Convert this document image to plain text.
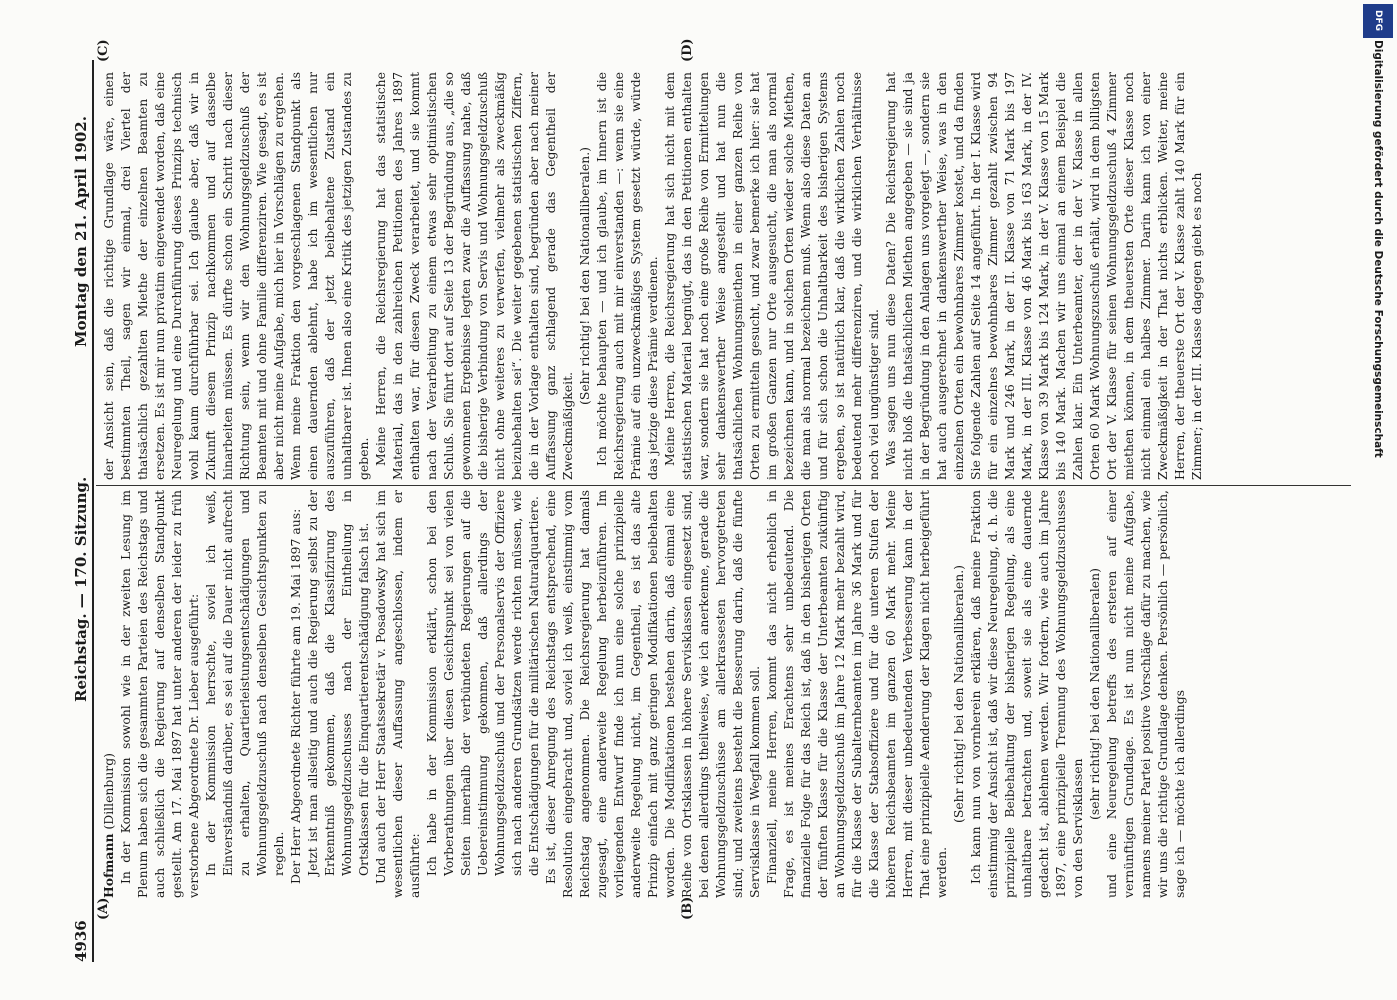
DFG
Digitalisierung gefördert durch die Deutsche Forschungsgemeinschaft
4936
Reichstag. — 170. Sitzung.
Montag den 21. April 1902.
(A)	(B)
(C)	(D)

Hofmann (Dillenburg) In der Kommission sowohl wie in der zweiten Lesung im Plenum haben sich die gesammten Parteien des Reichstags und auch schließlich die Regierung auf denselben Standpunkt gestellt. Am 17. Mai 1897 hat unter anderen der leider zu früh verstorbene Abgeordnete Dr. Lieber ausgeführt: In der Kommission herrschte, soviel ich weiß, Einverständniß darüber, es sei auf die Dauer nicht aufrecht zu erhalten, Quartierleistungsentschädigungen und Wohnungsgeldzuschuß nach denselben Gesichtspunkten zu regeln. Der Herr Abgeordnete Richter führte am 19. Mai 1897 aus: Jetzt ist man allseitig und auch die Regierung selbst zu der Erkenntniß gekommen, daß die Klassifizirung des Wohnungsgeldzuschusses nach der Eintheilung in Ortsklassen für die Einquartierentschädigung falsch ist. Und auch der Herr Staatssekretär v. Posadowsky hat sich im wesentlichen dieser Auffassung angeschlossen, indem er ausführte: Ich habe in der Kommission erklärt, schon bei den Vorberathungen über diesen Gesichtspunkt sei von vielen Seiten innerhalb der verbündeten Regierungen auf die Uebereinstimmung gekommen, daß allerdings der Wohnungsgeldzuschuß und der Personalservis der Offiziere sich nach anderen Grundsätzen werde richten müssen, wie die Entschädigungen für die militärischen Naturalquartiere. Es ist, dieser Anregung des Reichstags entsprechend, eine Resolution eingebracht und, soviel ich weiß, einstimmig vom Reichstag angenommen. Die Reichsregierung hat damals zugesagt, eine anderweite Regelung herbeizuführen. Im vorliegenden Entwurf finde ich nun eine solche prinzipielle anderweite Regelung nicht, im Gegentheil, es ist das alte Prinzip einfach mit ganz geringen Modifikationen beibehalten worden. Die Modifikationen bestehen darin, daß einmal eine Reihe von Ortsklassen in höhere Servisklassen eingesetzt sind, bei denen allerdings theilweise, wie ich anerkenne, gerade die Wohnungsgeldzuschüsse am allerkrassesten hervorgetreten sind; und zweitens besteht die Besserung darin, daß die fünfte Servisklasse in Wegfall kommen soll. Finanziell, meine Herren, kommt das nicht erheblich in Frage, es ist meines Erachtens sehr unbedeutend. Die finanzielle Folge für das Reich ist, daß in den bisherigen Orten der fünften Klasse für die Klasse der Unterbeamten zukünftig an Wohnungsgeldzuschuß im Jahre 12 Mark mehr bezahlt wird, für die Klasse der Subalternbeamten im Jahre 36 Mark und für die Klasse der Stabsoffiziere und für die unteren Stufen der höheren Reichsbeamten im ganzen 60 Mark mehr. Meine Herren, mit dieser unbedeutenden Verbesserung kann in der That eine prinzipielle Aenderung der Klagen nicht herbeigeführt werden.

(Sehr richtig! bei den Nationalliberalen.) Ich kann nun von vornherein erklären, daß meine Fraktion einstimmig der Ansicht ist, daß wir diese Neuregelung, d. h. die prinzipielle Beibehaltung der bisherigen Regelung, als eine unhaltbare betrachten und, soweit sie als eine dauernde gedacht ist, ablehnen werden. Wir fordern, wie auch im Jahre 1897, eine prinzipielle Trennung des Wohnungsgeldzuschusses von den Servisklassen

(sehr richtig! bei den Nationalliberalen) und eine Neuregelung betreffs des ersteren auf einer vernünftigen Grundlage. Es ist nun nicht meine Aufgabe, namens meiner Partei positive Vorschläge dafür zu machen, wie wir uns die richtige Grundlage denken. Persönlich — persönlich, sage ich — möchte ich allerdings

der Ansicht sein, daß die richtige Grundlage wäre, einen bestimmten Theil, sagen wir einmal, drei Viertel der thatsächlich gezahlten Miethe der einzelnen Beamten zu ersetzen. Es ist mir nun privatim eingewendet worden, daß eine Neuregelung und eine Durchführung dieses Prinzips technisch wohl kaum durchführbar sei. Ich glaube aber, daß wir in Zukunft diesem Prinzip nachkommen und auf dasselbe hinarbeiten müssen. Es dürfte schon ein Schritt nach dieser Richtung sein, wenn wir den Wohnungsgeldzuschuß der Beamten mit und ohne Familie differenziren. Wie gesagt, es ist aber nicht meine Aufgabe, mich hier in Vorschlägen zu ergehen. Wenn meine Fraktion den vorgeschlagenen Standpunkt als einen dauernden ablehnt, habe ich im wesentlichen nur auszuführen, daß der jetzt beibehaltene Zustand ein unhaltbarer ist. Ihnen also eine Kritik des jetzigen Zustandes zu geben. Meine Herren, die Reichsregierung hat das statistische Material, das in den zahlreichen Petitionen des Jahres 1897 enthalten war, für diesen Zweck verarbeitet, und sie kommt nach der Verarbeitung zu einem etwas sehr optimistischen Schluß. Sie führt dort auf Seite 13 der Begründung aus, „die so gewonnenen Ergebnisse legten zwar die Auffassung nahe, daß die bisherige Verbindung von Servis und Wohnungsgeldzuschuß nicht ohne weiteres zu verwerfen, vielmehr als zweckmäßig beizubehalten sei“. Die weiter gegebenen statistischen Ziffern, die in der Vorlage enthalten sind, begründen aber nach meiner Auffassung ganz schlagend gerade das Gegentheil der Zweckmäßigkeit.

(Sehr richtig! bei den Nationalliberalen.) Ich möchte behaupten — und ich glaube, im Innern ist die Reichsregierung auch mit mir einverstanden —: wenn sie eine Prämie auf ein unzweckmäßiges System gesetzt würde, würde das jetzige diese Prämie verdienen. Meine Herren, die Reichsregierung hat sich nicht mit dem statistischen Material begnügt, das in den Petitionen enthalten war, sondern sie hat noch eine große Reihe von Ermittelungen sehr dankenswerther Weise angestellt und hat nun die thatsächlichen Wohnungsmiethen in einer ganzen Reihe von Orten zu ermitteln gesucht, und zwar bemerke ich hier: sie hat im großen Ganzen nur Orte ausgesucht, die man als normal bezeichnen kann, und in solchen Orten wieder solche Miethen, die man als normal bezeichnen muß. Wenn also diese Daten an und für sich schon die Unhaltbarkeit des bisherigen Systems ergeben, so ist natürlich klar, daß die wirklichen Zahlen noch bedeutend mehr differenziren, und die wirklichen Verhältnisse noch viel ungünstiger sind. Was sagen uns nun diese Daten? Die Reichsregierung hat nicht bloß die thatsächlichen Miethen angegeben — sie sind ja in der Begründung in den Anlagen uns vorgelegt —, sondern sie hat auch ausgerechnet in dankenswerther Weise, was in den einzelnen Orten ein bewohnbares Zimmer kostet, und da finden Sie folgende Zahlen auf Seite 14 angeführt. In der I. Klasse wird für ein einzelnes bewohnbares Zimmer gezahlt zwischen 94 Mark und 246 Mark, in der II. Klasse von 71 Mark bis 197 Mark, in der III. Klasse von 46 Mark bis 163 Mark, in der IV. Klasse von 39 Mark bis 124 Mark, in der V. Klasse von 15 Mark bis 140 Mark. Machen wir uns einmal an einem Beispiel die Zahlen klar. Ein Unterbeamter, der in der V. Klasse in allen Orten 60 Mark Wohnungszuschuß erhält, wird in dem billigsten Ort der V. Klasse für seinen Wohnungsgeldzuschuß 4 Zimmer miethen können, in dem theuersten Orte dieser Klasse noch nicht einmal ein halbes Zimmer. Darin kann ich von einer Zweckmäßigkeit in der That nichts erblicken. Weiter, meine Herren, der theuerste Ort der V. Klasse zahlt 140 Mark für ein Zimmer; in der III. Klasse dagegen giebt es noch
